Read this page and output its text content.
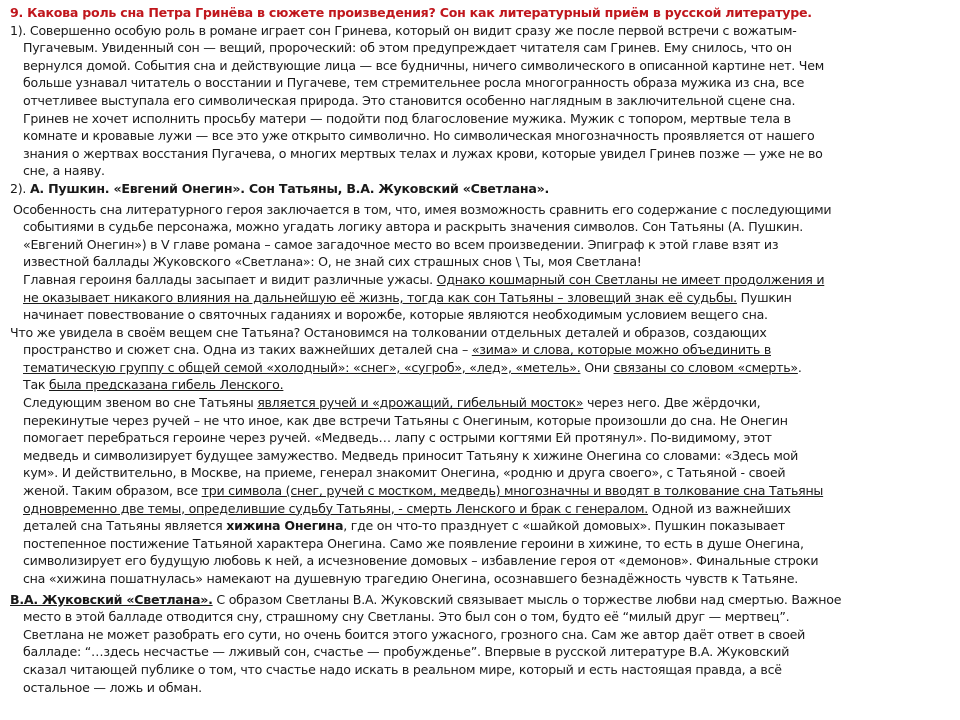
9. Какова роль сна Петра Гринёва в сюжете произведения? Сон как литературный приём в русской литературе.
1). Совершенно особую роль в романе играет сон Гринева, который он видит сразу же после первой встречи с вожатым-
Пугачевым. Увиденный сон — вещий, пророческий: об этом предупреждает читателя сам Гринев. Ему снилось, что он
вернулся домой. События сна и действующие лица — все будничны, ничего символического в описанной картине нет. Чем
больше узнавал читатель о восстании и Пугачеве, тем стремительнее росла многогранность образа мужика из сна, все
отчетливее выступала его символическая природа. Это становится особенно наглядным в заключительной сцене сна.
Гринев не хочет исполнить просьбу матери — подойти под благословение мужика. Мужик с топором, мертвые тела в
комнате и кровавые лужи — все это уже открыто символично. Но символическая многозначность проявляется от нашего
знания о жертвах восстания Пугачева, о многих мертвых телах и лужах крови, которые увидел Гринев позже — уже не во
сне, а наяву.
2). А. Пушкин. «Евгений Онегин». Сон Татьяны, В.А. Жуковский «Светлана».
Особенность сна литературного героя заключается в том, что, имея возможность сравнить его содержание с последующими
событиями в судьбе персонажа, можно угадать логику автора и раскрыть значения символов. Сон Татьяны (А. Пушкин.
«Евгений Онегин») в V главе романа – самое загадочное место во всем произведении. Эпиграф к этой главе взят из
известной баллады Жуковского «Светлана»: О, не знай сих страшных снов \ Ты, моя Светлана!
Главная героиня баллады засыпает и видит различные ужасы. Однако кошмарный сон Светланы не имеет продолжения и
не оказывает никакого влияния на дальнейшую её жизнь, тогда как сон Татьяны – зловещий знак её судьбы. Пушкин
начинает повествование о святочных гаданиях и ворожбе, которые являются необходимым условием вещего сна.
Что же увидела в своём вещем сне Татьяна? Остановимся на толковании отдельных деталей и образов, создающих
пространство и сюжет сна. Одна из таких важнейших деталей сна – «зима» и слова, которые можно объединить в
тематическую группу с общей семой «холодный»: «снег», «сугроб», «лед», «метель». Они связаны со словом «смерть».
Так была предсказана гибель Ленского.
Следующим звеном во сне Татьяны является ручей и «дрожащий, гибельный мосток» через него. Две жёрдочки,
перекинутые через ручей – не что иное, как две встречи Татьяны с Онегиным, которые произошли до сна. Не Онегин
помогает перебраться героине через ручей. «Медведь… лапу с острыми когтями Ей протянул». По-видимому, этот
медведь и символизирует будущее замужество. Медведь приносит Татьяну к хижине Онегина со словами: «Здесь мой
кум». И действительно, в Москве, на приеме, генерал знакомит Онегина, «родню и друга своего», с Татьяной - своей
женой. Таким образом, все три символа (снег, ручей с мостком, медведь) многозначны и вводят в толкование сна Татьяны
одновременно две темы, определившие судьбу Татьяны, - смерть Ленского и брак с генералом. Одной из важнейших
деталей сна Татьяны является хижина Онегина, где он что-то празднует с «шайкой домовых». Пушкин показывает
постепенное постижение Татьяной характера Онегина. Само же появление героини в хижине, то есть в душе Онегина,
символизирует его будущую любовь к ней, а исчезновение домовых – избавление героя от «демонов». Финальные строки
сна «хижина пошатнулась» намекают на душевную трагедию Онегина, осознавшего безнадёжность чувств к Татьяне.
В.А. Жуковский «Светлана». С образом Светланы В.А. Жуковский связывает мысль о торжестве любви над смертью. Важное
место в этой балладе отводится сну, страшному сну Светланы. Это был сон о том, будто её “милый друг — мертвец”.
Светлана не может разобрать его сути, но очень боится этого ужасного, грозного сна. Сам же автор даёт ответ в своей
балладе: “…здесь несчастье — лживый сон, счастье — пробужденье”. Впервые в русской литературе В.А. Жуковский
сказал читающей публике о том, что счастье надо искать в реальном мире, который и есть настоящая правда, а всё
остальное — ложь и обман.
